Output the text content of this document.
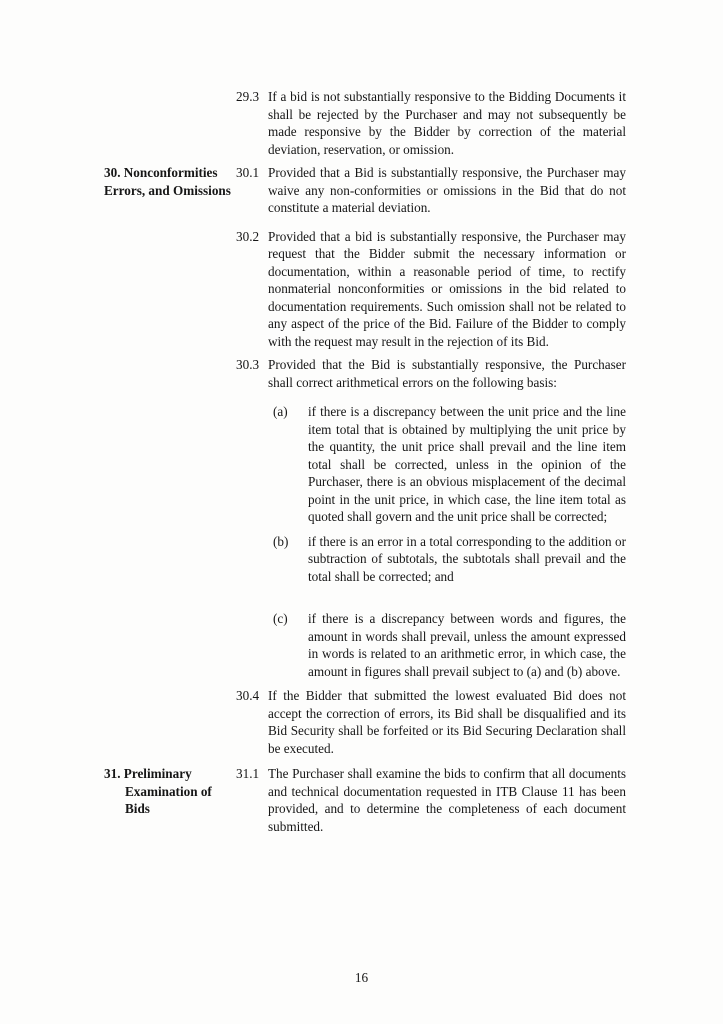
29.3 If a bid is not substantially responsive to the Bidding Documents it shall be rejected by the Purchaser and may not subsequently be made responsive by the Bidder by correction of the material deviation, reservation, or omission.
30. Nonconformities
Errors, and Omissions
30.1 Provided that a Bid is substantially responsive, the Purchaser may waive any non-conformities or omissions in the Bid that do not constitute a material deviation.
30.2 Provided that a bid is substantially responsive, the Purchaser may request that the Bidder submit the necessary information or documentation, within a reasonable period of time, to rectify nonmaterial nonconformities or omissions in the bid related to documentation requirements. Such omission shall not be related to any aspect of the price of the Bid. Failure of the Bidder to comply with the request may result in the rejection of its Bid.
30.3 Provided that the Bid is substantially responsive, the Purchaser shall correct arithmetical errors on the following basis:
(a)	if there is a discrepancy between the unit price and the line item total that is obtained by multiplying the unit price by the quantity, the unit price shall prevail and the line item total shall be corrected, unless in the opinion of the Purchaser, there is an obvious misplacement of the decimal point in the unit price, in which case, the line item total as quoted shall govern and the unit price shall be corrected;
(b)	if there is an error in a total corresponding to the addition or subtraction of subtotals, the subtotals shall prevail and the total shall be corrected; and
(c)	if there is a discrepancy between words and figures, the amount in words shall prevail, unless the amount expressed in words is related to an arithmetic error, in which case, the amount in figures shall prevail subject to (a) and (b) above.
30.4 If the Bidder that submitted the lowest evaluated Bid does not accept the correction of errors, its Bid shall be disqualified and its Bid Security shall be forfeited or its Bid Securing Declaration shall be executed.
31. Preliminary
Examination of
Bids
31.1 The Purchaser shall examine the bids to confirm that all documents and technical documentation requested in ITB Clause 11 has been provided, and to determine the completeness of each document submitted.
16
